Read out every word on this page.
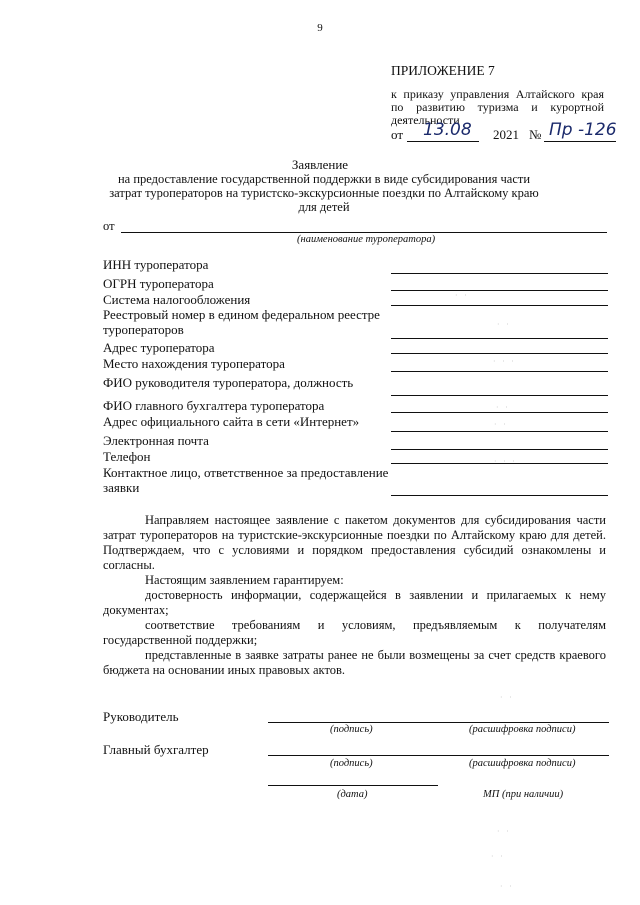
9
ПРИЛОЖЕНИЕ 7
к приказу управления Алтайского края по развитию туризма и курортной деятельности
от 13.08 2021 № Пр -126
Заявление
на предоставление государственной поддержки в виде субсидирования части затрат туроператоров на туристско-экскурсионные поездки по Алтайскому краю для детей
от
(наименование туроператора)
ИНН туроператора
ОГРН туроператора
Система налогообложения
Реестровый номер в едином федеральном реестре туроператоров
Адрес туроператора
Место нахождения туроператора
ФИО руководителя туроператора, должность
ФИО главного бухгалтера туроператора
Адрес официального сайта в сети «Интернет»
Электронная почта
Телефон
Контактное лицо, ответственное за предоставление заявки
· ·
· ·
· · ·
· ·
· ·
· · ·
· ·
· ·
· ·
· ·
Направляем настоящее заявление с пакетом документов для субсидирования части затрат туроператоров на туристские-экскурсионные поездки по Алтайскому краю для детей. Подтверждаем, что с условиями и порядком предоставления субсидий ознакомлены и согласны.
Настоящим заявлением гарантируем:
достоверность информации, содержащейся в заявлении и прилагаемых к нему документах;
соответствие требованиям и условиям, предъявляемым к получателям государственной поддержки;
представленные в заявке затраты ранее не были возмещены за счет средств краевого бюджета на основании иных правовых актов.
Руководитель
(подпись)	(расшифровка подписи)
Главный бухгалтер
(подпись)	(расшифровка подписи)
(дата)	МП (при наличии)
